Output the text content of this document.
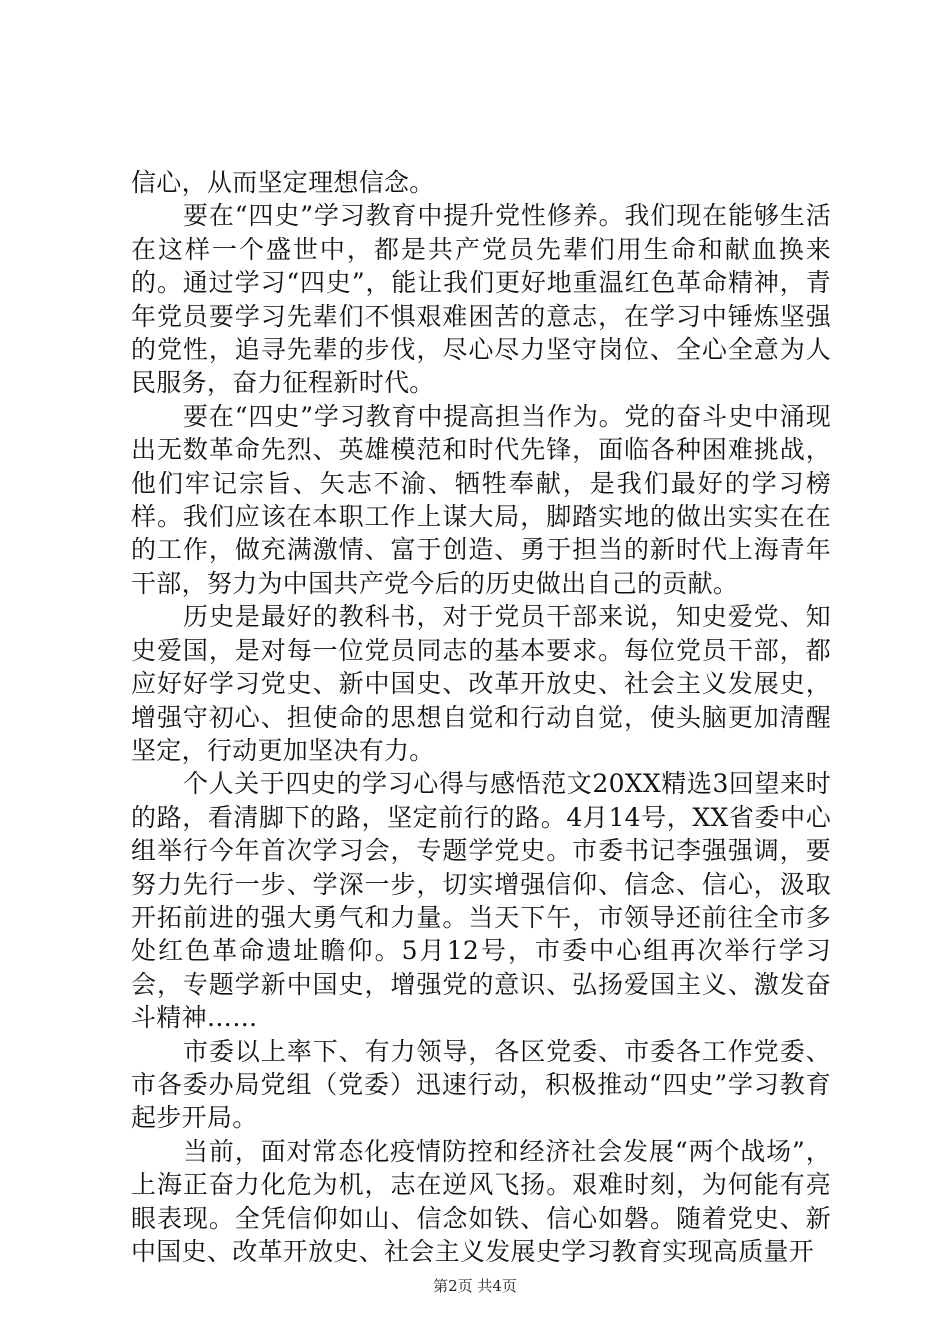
信心，从而坚定理想信念。

要在“四史”学习教育中提升党性修养。我们现在能够生活在这样一个盛世中，都是共产党员先辈们用生命和献血换来的。通过学习“四史”，能让我们更好地重温红色革命精神，青年党员要学习先辈们不惧艰难困苦的意志，在学习中锤炼坚强的党性，追寻先辈的步伐，尽心尽力坚守岗位、全心全意为人民服务，奋力征程新时代。

要在“四史”学习教育中提高担当作为。党的奋斗史中涌现出无数革命先烈、英雄模范和时代先锋，面临各种困难挑战，他们牢记宗旨、矢志不渝、牺牲奉献，是我们最好的学习榜样。我们应该在本职工作上谋大局，脚踏实地的做出实实在在的工作，做充满激情、富于创造、勇于担当的新时代上海青年干部，努力为中国共产党今后的历史做出自己的贡献。

历史是最好的教科书，对于党员干部来说，知史爱党、知史爱国，是对每一位党员同志的基本要求。每位党员干部，都应好好学习党史、新中国史、改革开放史、社会主义发展史，增强守初心、担使命的思想自觉和行动自觉，使头脑更加清醒坚定，行动更加坚决有力。

个人关于四史的学习心得与感悟范文20XX精选3回望来时的路，看清脚下的路，坚定前行的路。4月14号，XX省委中心组举行今年首次学习会，专题学党史。市委书记李强强调，要努力先行一步、学深一步，切实增强信仰、信念、信心，汲取开拓前进的强大勇气和力量。当天下午，市领导还前往全市多处红色革命遗址瞻仰。5月12号，市委中心组再次举行学习会，专题学新中国史，增强党的意识、弘扬爱国主义、激发奋斗精神……

市委以上率下、有力领导，各区党委、市委各工作党委、市各委办局党组（党委）迅速行动，积极推动“四史”学习教育起步开局。

当前，面对常态化疫情防控和经济社会发展“两个战场”，上海正奋力化危为机，志在逆风飞扬。艰难时刻，为何能有亮眼表现。全凭信仰如山、信念如铁、信心如磐。随着党史、新中国史、改革开放史、社会主义发展史学习教育实现高质量开

第2页 共4页
